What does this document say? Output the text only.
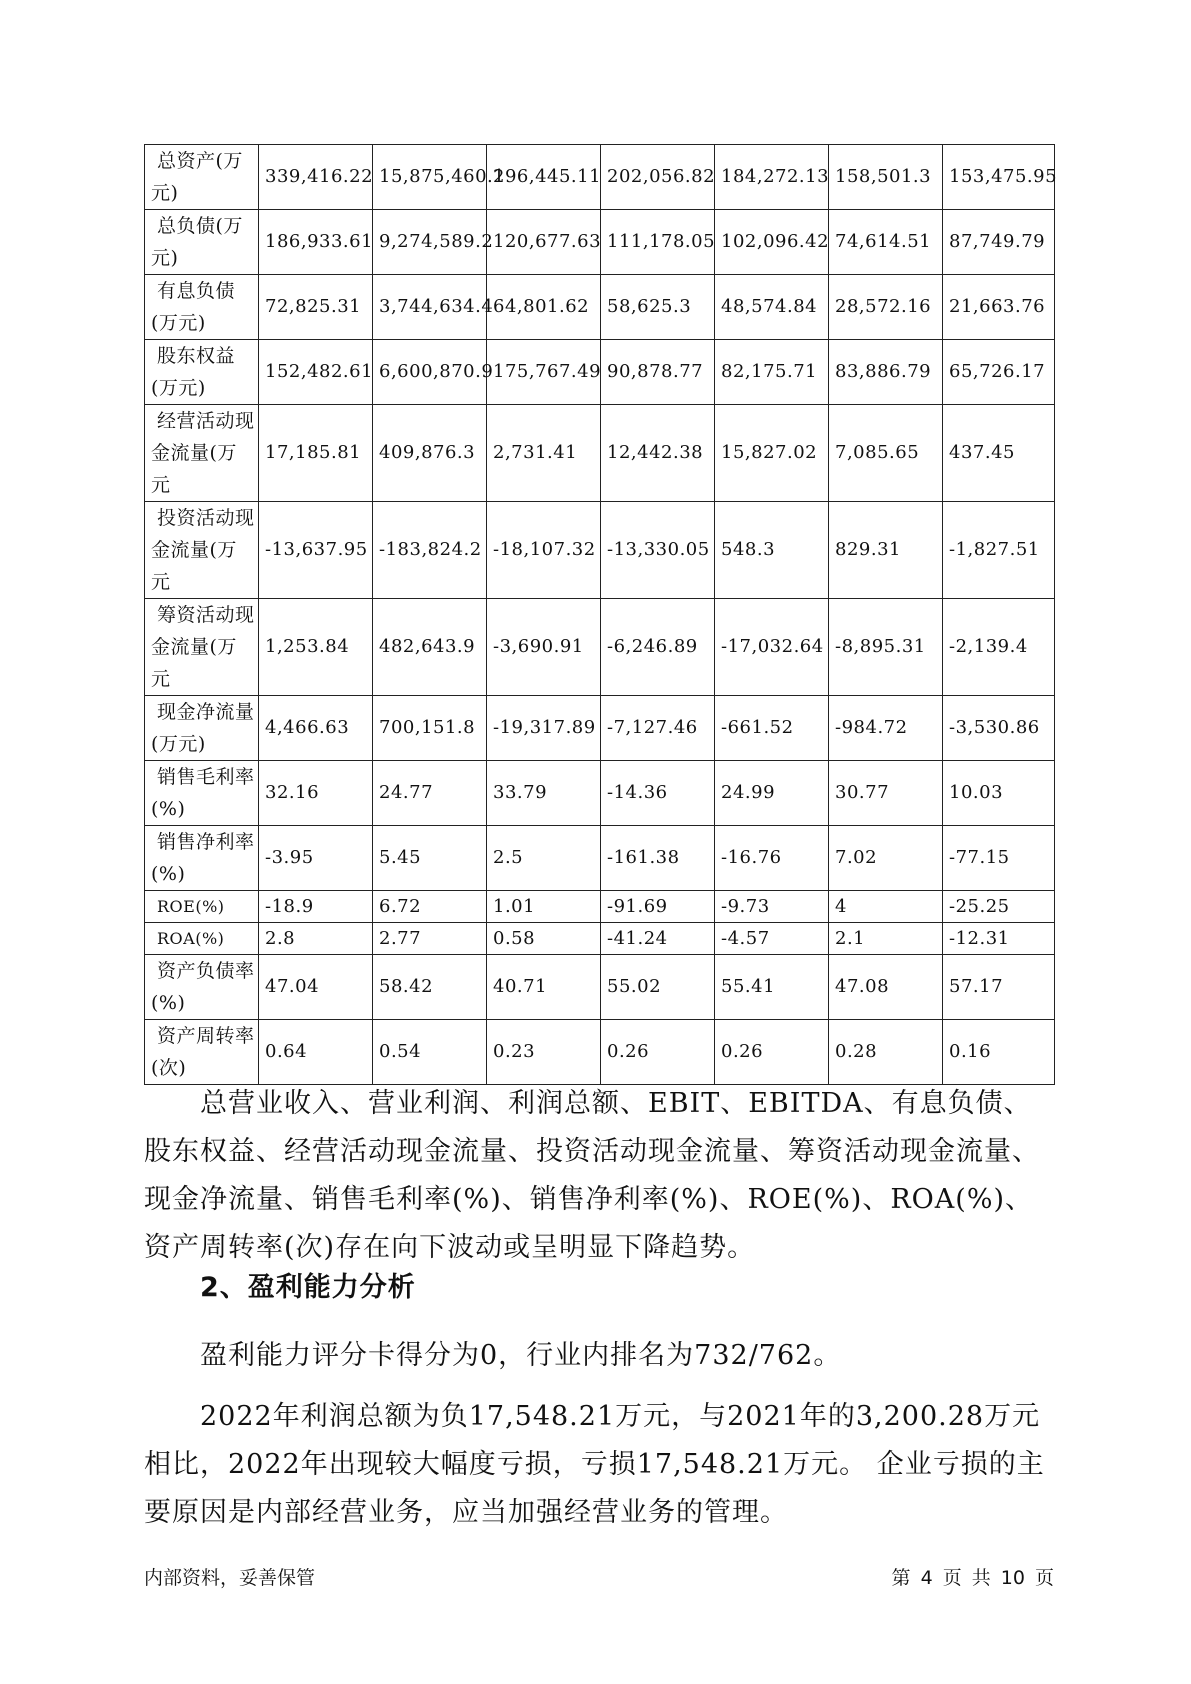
总资产(万元)	339,416.22	15,875,460.1	296,445.11	202,056.82	184,272.13	158,501.3	153,475.95

总负债(万元)	186,933.61	9,274,589.2	120,677.63	111,178.05	102,096.42	74,614.51	87,749.79

有息负债(万元)	72,825.31	3,744,634.4	64,801.62	58,625.3	48,574.84	28,572.16	21,663.76

股东权益(万元)	152,482.61	6,600,870.9	175,767.49	90,878.77	82,175.71	83,886.79	65,726.17

经营活动现金流量(万元	17,185.81	409,876.3	2,731.41	12,442.38	15,827.02	7,085.65	437.45

投资活动现金流量(万元	-13,637.95	-183,824.2	-18,107.32	-13,330.05	548.3	829.31	-1,827.51

筹资活动现金流量(万元	1,253.84	482,643.9	-3,690.91	-6,246.89	-17,032.64	-8,895.31	-2,139.4

现金净流量(万元)	4,466.63	700,151.8	-19,317.89	-7,127.46	-661.52	-984.72	-3,530.86

销售毛利率(%)	32.16	24.77	33.79	-14.36	24.99	30.77	10.03

销售净利率(%)	-3.95	5.45	2.5	-161.38	-16.76	7.02	-77.15

ROE(%)	-18.9	6.72	1.01	-91.69	-9.73	4	-25.25

ROA(%)	2.8	2.77	0.58	-41.24	-4.57	2.1	-12.31

资产负债率(%)	47.04	58.42	40.71	55.02	55.41	47.08	57.17

资产周转率(次)	0.64	0.54	0.23	0.26	0.26	0.28	0.16

总营业收入、营业利润、利润总额、EBIT、EBITDA、有息负债、股东权益、经营活动现金流量、投资活动现金流量、筹资活动现金流量、现金净流量、销售毛利率(%)、销售净利率(%)、ROE(%)、ROA(%)、资产周转率(次)存在向下波动或呈明显下降趋势。

2、盈利能力分析

盈利能力评分卡得分为0，行业内排名为732/762。

2022年利润总额为负17,548.21万元，与2021年的3,200.28万元相比，2022年出现较大幅度亏损，亏损17,548.21万元。 企业亏损的主要原因是内部经营业务，应当加强经营业务的管理。

内部资料，妥善保管	第 4 页 共 10 页
